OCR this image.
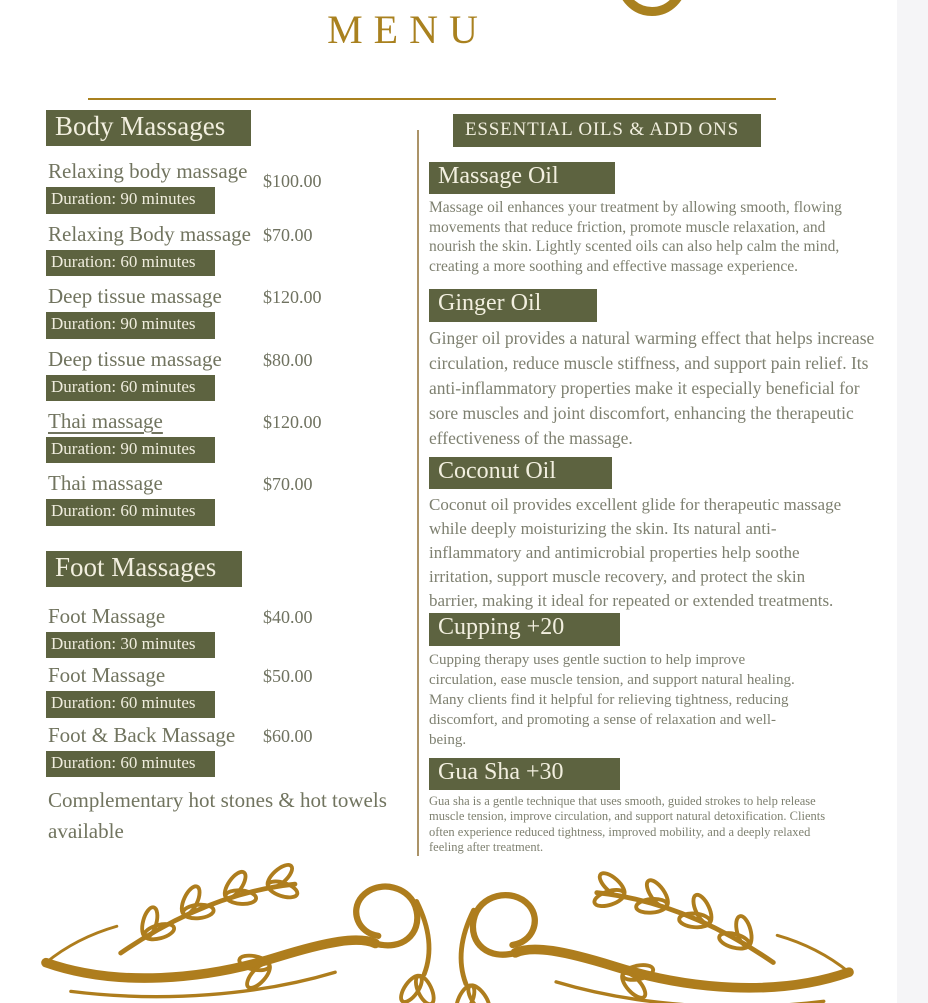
MENU
Body Massages
Relaxing body massage $100.00
Duration: 90 minutes
Relaxing Body massage $70.00
Duration: 60 minutes
Deep tissue massage	$120.00
Duration: 90 minutes
Deep tissue massage	$80.00
Duration: 60 minutes
Thai massage	$120.00
Duration: 90 minutes
Thai massage	$70.00
Duration: 60 minutes
Foot Massages
Foot Massage	$40.00
Duration: 30 minutes
Foot Massage	$50.00
Duration: 60 minutes
Foot & Back Massage	$60.00
Duration: 60 minutes

Complementary hot stones & hot towels available

ESSENTIAL OILS & ADD ONS
Massage Oil

Massage oil enhances your treatment by allowing smooth, flowing movements that reduce friction, promote muscle relaxation, and nourish the skin. Lightly scented oils can also help calm the mind, creating a more soothing and effective massage experience.

Ginger Oil

Ginger oil provides a natural warming effect that helps increase circulation, reduce muscle stiffness, and support pain relief. Its anti-inflammatory properties make it especially beneficial for sore muscles and joint discomfort, enhancing the therapeutic effectiveness of the massage.

Coconut Oil

Coconut oil provides excellent glide for therapeutic massage while deeply moisturizing the skin. Its natural anti-inflammatory and antimicrobial properties help soothe irritation, support muscle recovery, and protect the skin barrier, making it ideal for repeated or extended treatments.

Cupping +20

Cupping therapy uses gentle suction to help improve circulation, ease muscle tension, and support natural healing. Many clients find it helpful for relieving tightness, reducing discomfort, and promoting a sense of relaxation and well-being.

Gua Sha +30

Gua sha is a gentle technique that uses smooth, guided strokes to help release muscle tension, improve circulation, and support natural detoxification. Clients often experience reduced tightness, improved mobility, and a deeply relaxed feeling after treatment.
